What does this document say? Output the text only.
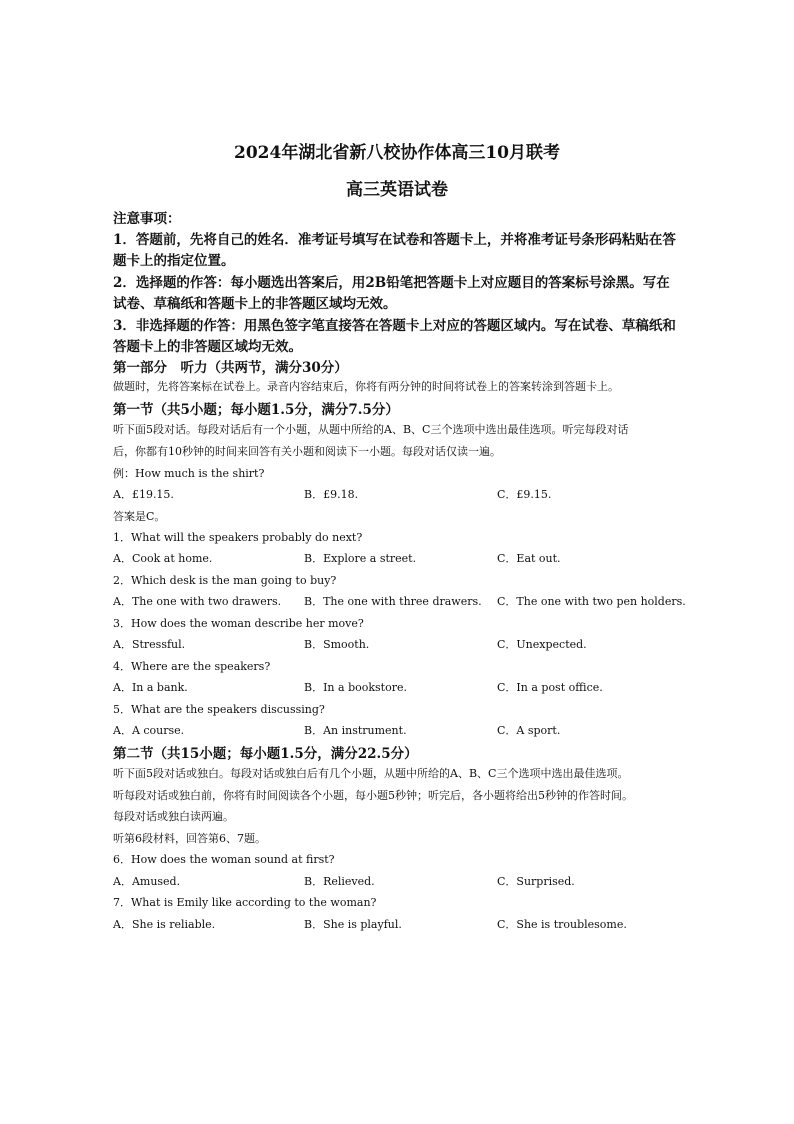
2024年湖北省新八校协作体高三10月联考
高三英语试卷
注意事项：
1．答题前，先将自己的姓名．准考证号填写在试卷和答题卡上，并将准考证号条形码粘贴在答
题卡上的指定位置。
2．选择题的作答：每小题选出答案后，用2B铅笔把答题卡上对应题目的答案标号涂黑。写在
试卷、草稿纸和答题卡上的非答题区域均无效。
3．非选择题的作答：用黑色签字笔直接答在答题卡上对应的答题区域内。写在试卷、草稿纸和
答题卡上的非答题区域均无效。
第一部分　听力（共两节，满分30分）
做题时，先将答案标在试卷上。录音内容结束后，你将有两分钟的时间将试卷上的答案转涂到答题卡上。
第一节（共5小题；每小题1.5分，满分7.5分）
听下面5段对话。每段对话后有一个小题，从题中所给的A、B、C三个选项中选出最佳选项。听完每段对话
后，你都有10秒钟的时间来回答有关小题和阅读下一小题。每段对话仅读一遍。
例：How much is the shirt?
A．£19.15.	B．£9.18.	C．£9.15.
答案是C。
1．What will the speakers probably do next?
A．Cook at home.	B．Explore a street.	C．Eat out.
2．Which desk is the man going to buy?
A．The one with two drawers. B．The one with three drawers. C．The one with two pen holders.
3．How does the woman describe her move?
A．Stressful.	B．Smooth.	C．Unexpected.
4．Where are the speakers?
A．In a bank.	B．In a bookstore.	C．In a post office.
5．What are the speakers discussing?
A．A course.	B．An instrument.	C．A sport.
第二节（共15小题；每小题1.5分，满分22.5分）
听下面5段对话或独白。每段对话或独白后有几个小题，从题中所给的A、B、C三个选项中选出最佳选项。
听每段对话或独白前，你将有时间阅读各个小题，每小题5秒钟；听完后，各小题将给出5秒钟的作答时间。
每段对话或独白读两遍。
听第6段材料，回答第6、7题。
6．How does the woman sound at first?
A．Amused.	B．Relieved.	C．Surprised.
7．What is Emily like according to the woman?
A．She is reliable.	B．She is playful.	C．She is troublesome.
